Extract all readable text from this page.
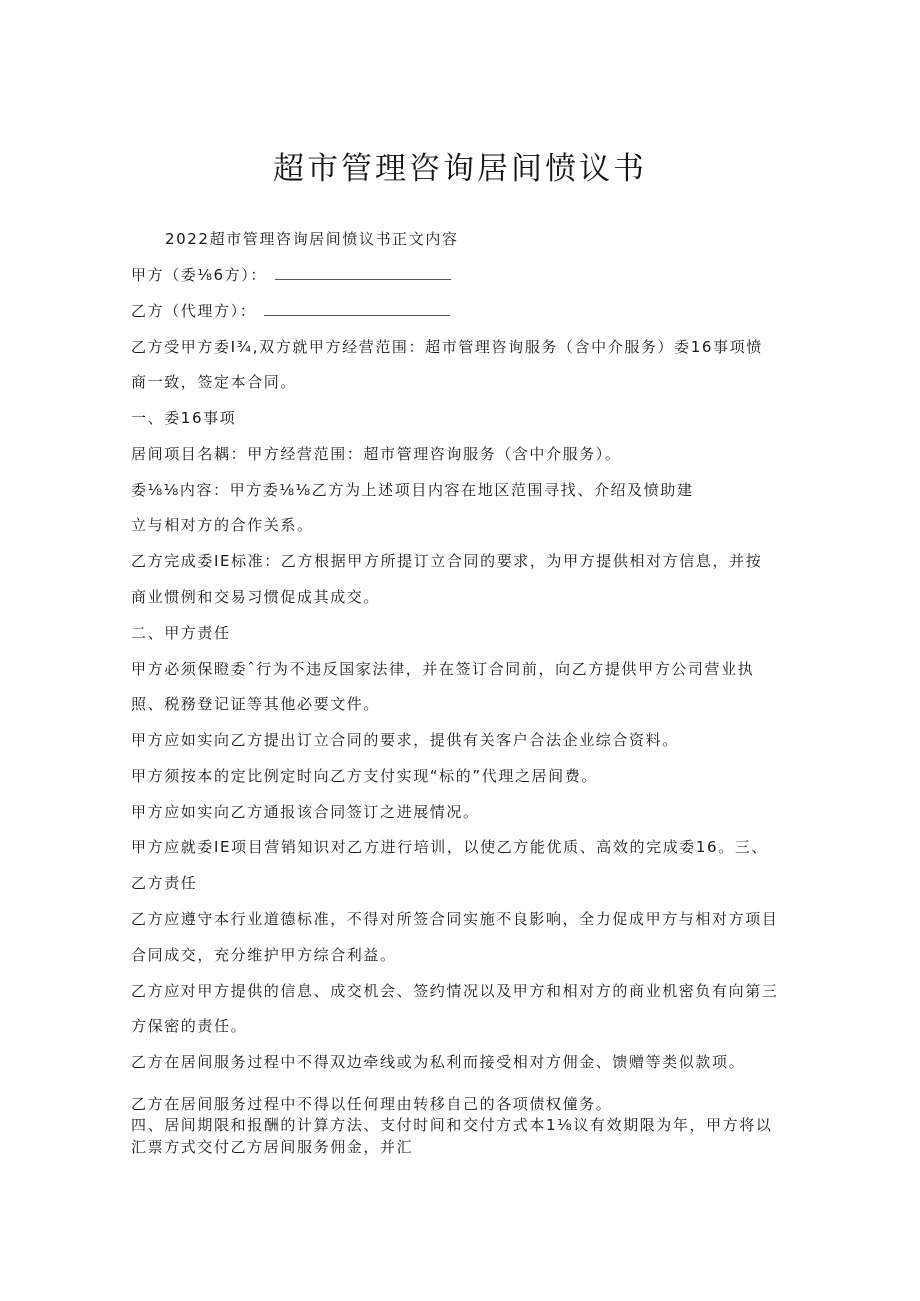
超市管理咨询居间愤议书
2022超市管理咨询居间愤议书正文内容
甲方（委⅛6方）：
乙方（代理方）：
乙方受甲方委Ι¾,双方就甲方经营范围：超市管理咨询服务（含中介服务）委16事项愤
商一致，签定本合同。
一、委16事项
居间项目名耦：甲方经营范围：超市管理咨询服务（含中介服务）。
委⅛⅛内容：甲方委⅛⅛乙方为上述项目内容在地区范围寻找、介绍及愤助建
立与相对方的合作关系。
乙方完成委IE标准：乙方根据甲方所提订立合同的要求，为甲方提供相对方信息，并按
商业惯例和交易习惯促成其成交。
二、甲方责任
甲方必须保瞪委ˆ行为不违反国家法律，并在签订合同前，向乙方提供甲方公司营业执
照、税務登记证等其他必要文件。
甲方应如实向乙方提出订立合同的要求，提供有关客户合法企业综合资料。
甲方须按本的定比例定时向乙方支付实现“标的”代理之居间费。
甲方应如实向乙方通报该合同签订之进展情况。
甲方应就委IE项目营销知识对乙方进行培训，以使乙方能优质、高效的完成委16。三、
乙方责任
乙方应遵守本行业道德标准，不得对所签合同实施不良影响，全力促成甲方与相对方项目
合同成交，充分维护甲方综合利益。
乙方应对甲方提供的信息、成交机会、签约情况以及甲方和相对方的商业机密负有向第三
方保密的责任。
乙方在居间服务过程中不得双边牵线或为私利而接受相对方佣金、馈赠等类似款项。
乙方在居间服务过程中不得以任何理由转移自己的各项债权僮务。
四、居间期限和报酬的计算方法、支付时间和交付方式本1⅛议有效期限为年，甲方将以
汇票方式交付乙方居间服务佣金，并汇
